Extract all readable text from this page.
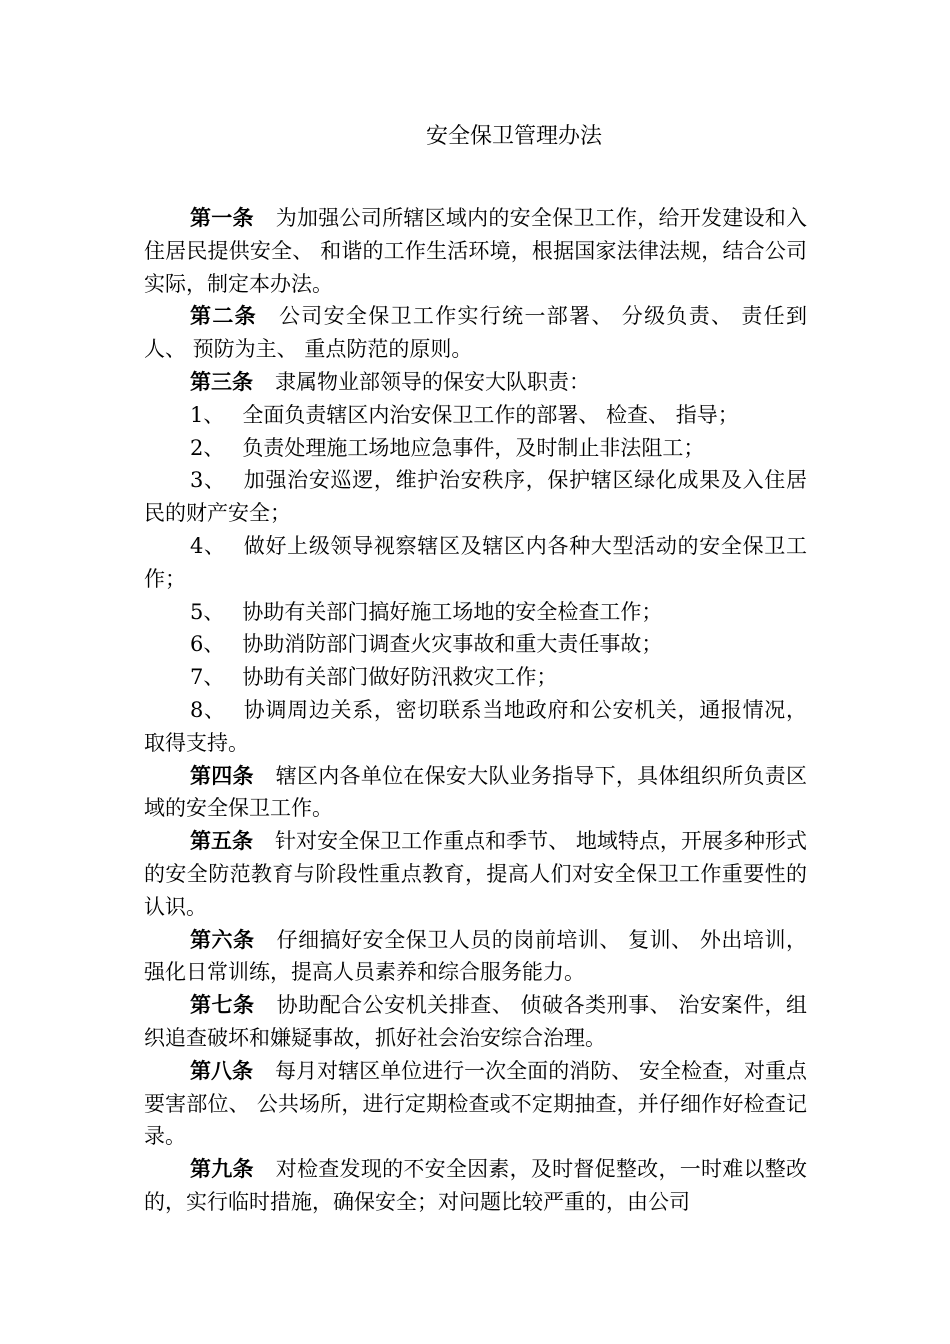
安全保卫管理办法

第一条 为加强公司所辖区域内的安全保卫工作，给开发建设和入住居民提供安全、 和谐的工作生活环境，根据国家法律法规，结合公司实际，制定本办法。

第二条 公司安全保卫工作实行统一部署、 分级负责、 责任到人、 预防为主、 重点防范的原则。

第三条 隶属物业部领导的保安大队职责：

1、 全面负责辖区内治安保卫工作的部署、 检查、 指导；

2、 负责处理施工场地应急事件，及时制止非法阻工；

3、 加强治安巡逻，维护治安秩序，保护辖区绿化成果及入住居民的财产安全；

4、 做好上级领导视察辖区及辖区内各种大型活动的安全保卫工作；

5、 协助有关部门搞好施工场地的安全检查工作；

6、 协助消防部门调查火灾事故和重大责任事故；

7、 协助有关部门做好防汛救灾工作；

8、 协调周边关系，密切联系当地政府和公安机关，通报情况，取得支持。

第四条 辖区内各单位在保安大队业务指导下，具体组织所负责区域的安全保卫工作。

第五条 针对安全保卫工作重点和季节、 地域特点，开展多种形式的安全防范教育与阶段性重点教育，提高人们对安全保卫工作重要性的认识。

第六条 仔细搞好安全保卫人员的岗前培训、 复训、 外出培训，强化日常训练，提高人员素养和综合服务能力。

第七条 协助配合公安机关排查、 侦破各类刑事、 治安案件，组织追查破坏和嫌疑事故，抓好社会治安综合治理。

第八条 每月对辖区单位进行一次全面的消防、 安全检查，对重点要害部位、 公共场所，进行定期检查或不定期抽查，并仔细作好检查记录。

第九条 对检查发现的不安全因素，及时督促整改，一时难以整改的，实行临时措施，确保安全；对问题比较严重的，由公司
